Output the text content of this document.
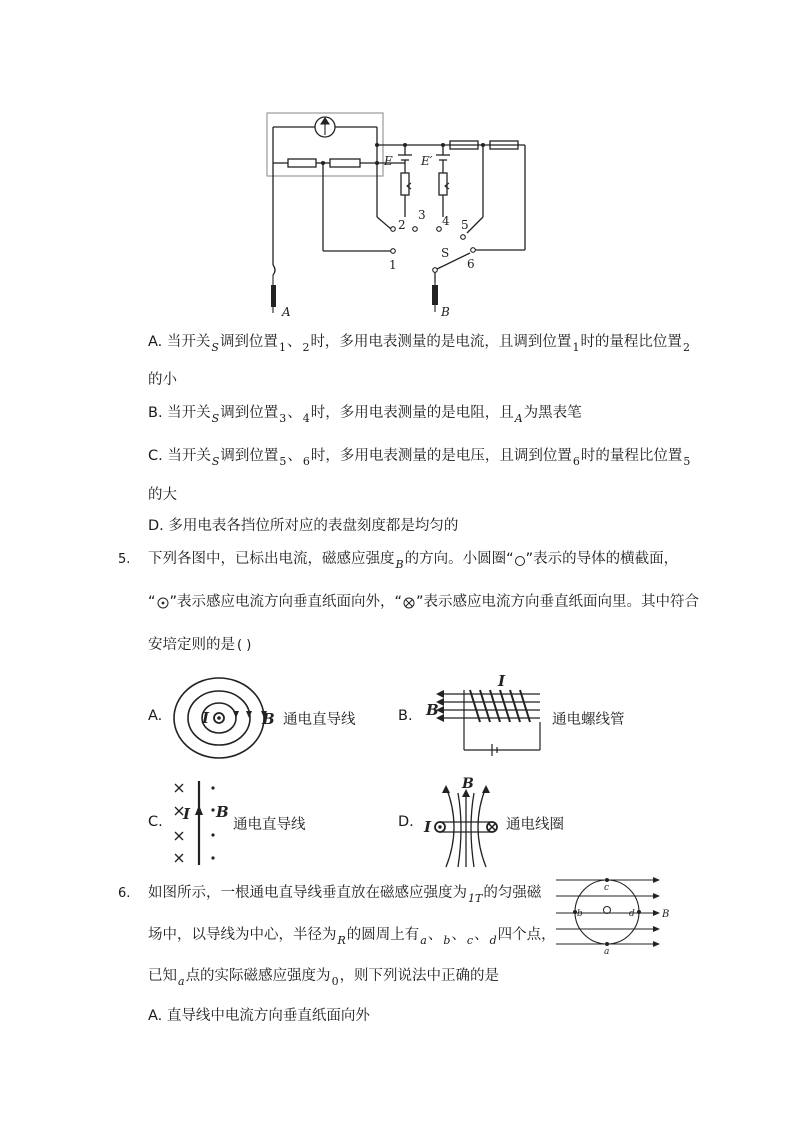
E E′
1
2
3 4 5
6
S
A	B
A. 当开关$_S$调到位置$_1$、$_2$时，多用电表测量的是电流，且调到位置$_1$时的量程比位置$_2$
的小
B. 当开关$_S$调到位置$_3$、$_4$时，多用电表测量的是电阻，且$_A$为黑表笔
C. 当开关$_S$调到位置$_5$、$_6$时，多用电表测量的是电压，且调到位置$_6$时的量程比位置$_5$
的大
D. 多用电表各挡位所对应的表盘刻度都是均匀的
5. 下列各图中，已标出电流，磁感应强度$_B$的方向。小圆圈“ ”表示的导体的横截面，
“ ”表示感应电流方向垂直纸面向外，“ ”表示感应电流方向垂直纸面向里。其中符合
安培定则的是 ( )
A.	I	B 通电直导线	B. B
I
通电螺线管
C. I B
通电直导线	D. I
B
通电线圈
6. 如图所示，一根通电直导线垂直放在磁感应强度为$_{1T}$的匀强磁
场中，以导线为中心，半径为$_R$的圆周上有$_a$、$_b$、$_c$、$_d$四个点，
已知$_a$点的实际磁感应强度为$_0$，则下列说法中正确的是
A. 直导线中电流方向垂直纸面向外
c
a
b	d	B
